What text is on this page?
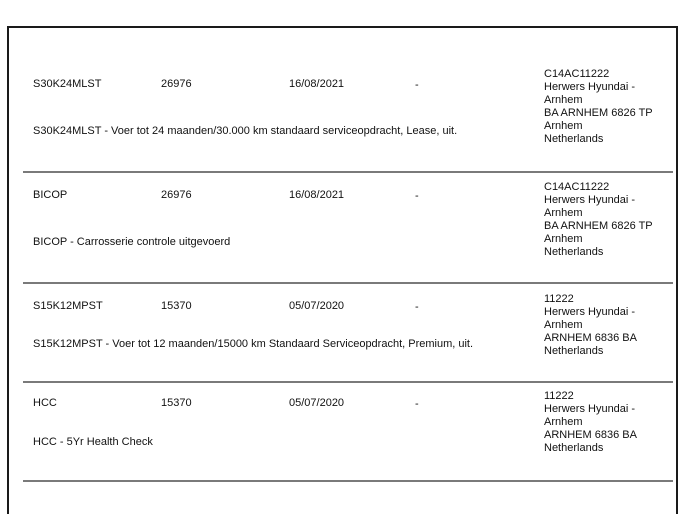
S30K24MLST	26976	16/08/2021	-
C14AC11222
Herwers Hyundai -
Arnhem
BA ARNHEM 6826 TP
Arnhem
Netherlands
S30K24MLST - Voer tot 24 maanden/30.000 km standaard serviceopdracht, Lease, uit.
BICOP	26976	16/08/2021	-
C14AC11222
Herwers Hyundai -
Arnhem
BA ARNHEM 6826 TP
Arnhem
Netherlands
BICOP - Carrosserie controle uitgevoerd
S15K12MPST	15370	05/07/2020	-
11222
Herwers Hyundai -
Arnhem
ARNHEM 6836 BA
Netherlands
S15K12MPST - Voer tot 12 maanden/15000 km Standaard Serviceopdracht, Premium, uit.
HCC	15370	05/07/2020	-
11222
Herwers Hyundai -
Arnhem
ARNHEM 6836 BA
Netherlands
HCC - 5Yr Health Check
